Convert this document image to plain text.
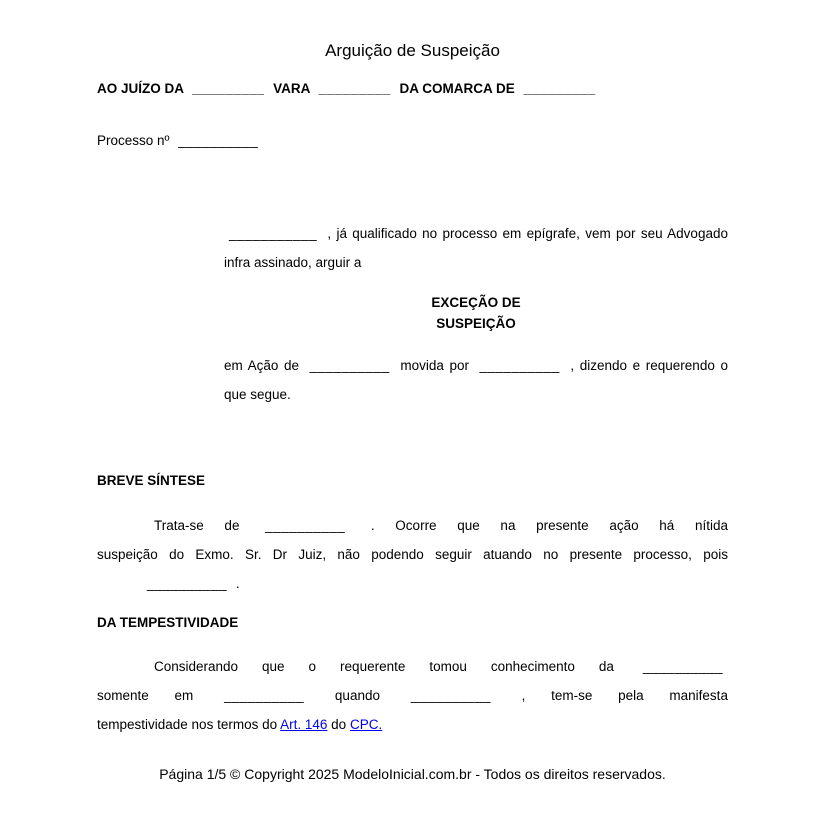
Arguição de Suspeição
AO JUÍZO DA _________ VARA _________ DA COMARCA DE _________
Processo nº __________
___________ , já qualificado no processo em epígrafe, vem por seu Advogado
infra assinado, arguir a
EXCEÇÃO DE
SUSPEIÇÃO
em Ação de __________ movida por __________ , dizendo e requerendo o
que segue.
BREVE SÍNTESE
Trata-se de __________ . Ocorre que na presente ação há nítida
suspeição do Exmo. Sr. Dr Juiz, não podendo seguir atuando no presente processo, pois
__________ .
DA TEMPESTIVIDADE
Considerando que o requerente tomou conhecimento da __________
somente em __________ quando __________ , tem-se pela manifesta
tempestividade nos termos do Art. 146 do CPC.
Página 1/5 © Copyright 2025 ModeloInicial.com.br - Todos os direitos reservados.
